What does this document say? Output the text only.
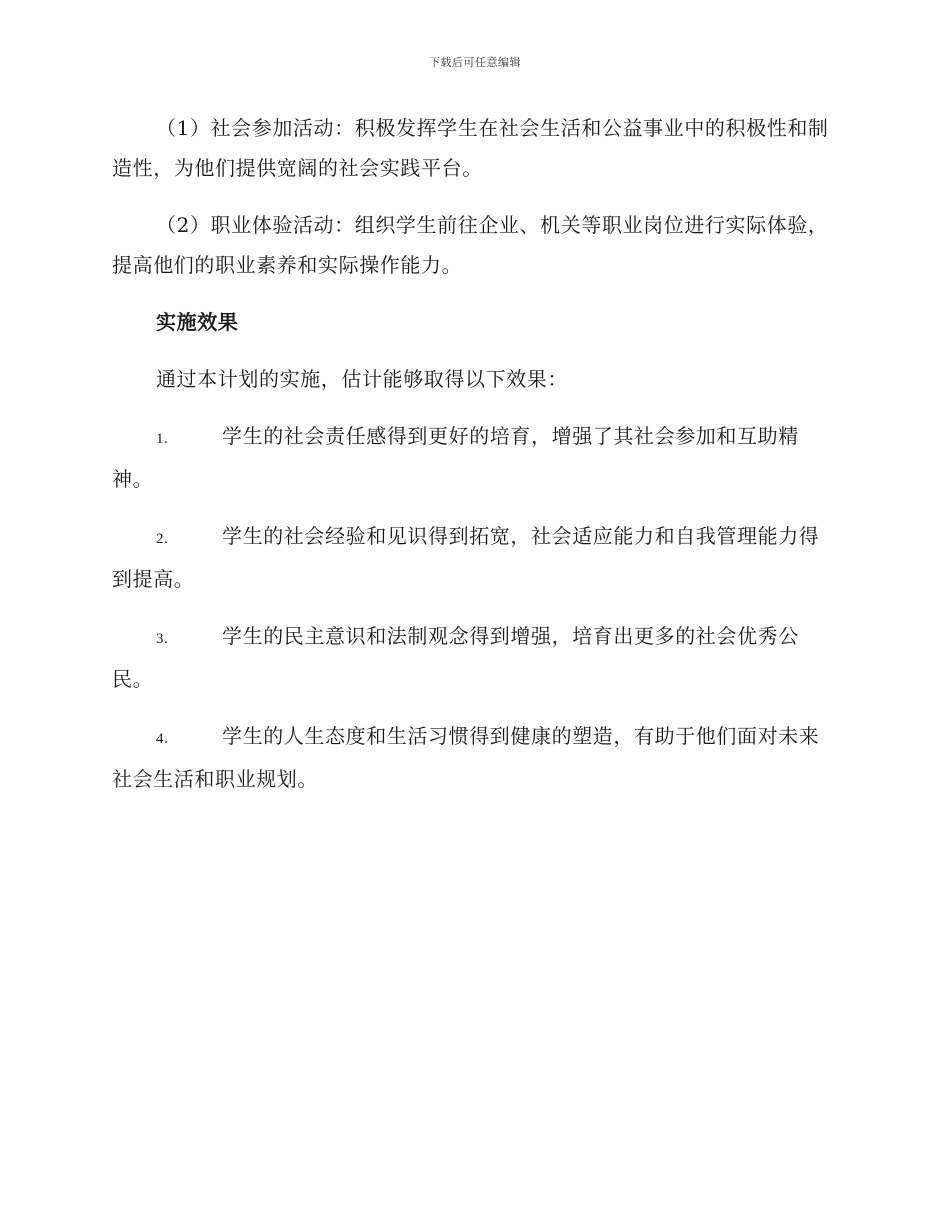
下载后可任意编辑

（1）社会参加活动：积极发挥学生在社会生活和公益事业中的积极性和制造性，为他们提供宽阔的社会实践平台。

（2）职业体验活动：组织学生前往企业、机关等职业岗位进行实际体验，提高他们的职业素养和实际操作能力。

实施效果

通过本计划的实施，估计能够取得以下效果：

1.	学生的社会责任感得到更好的培育，增强了其社会参加和互助精神。

2.	学生的社会经验和见识得到拓宽，社会适应能力和自我管理能力得到提高。

3.	学生的民主意识和法制观念得到增强，培育出更多的社会优秀公民。

4.	学生的人生态度和生活习惯得到健康的塑造，有助于他们面对未来社会生活和职业规划。
